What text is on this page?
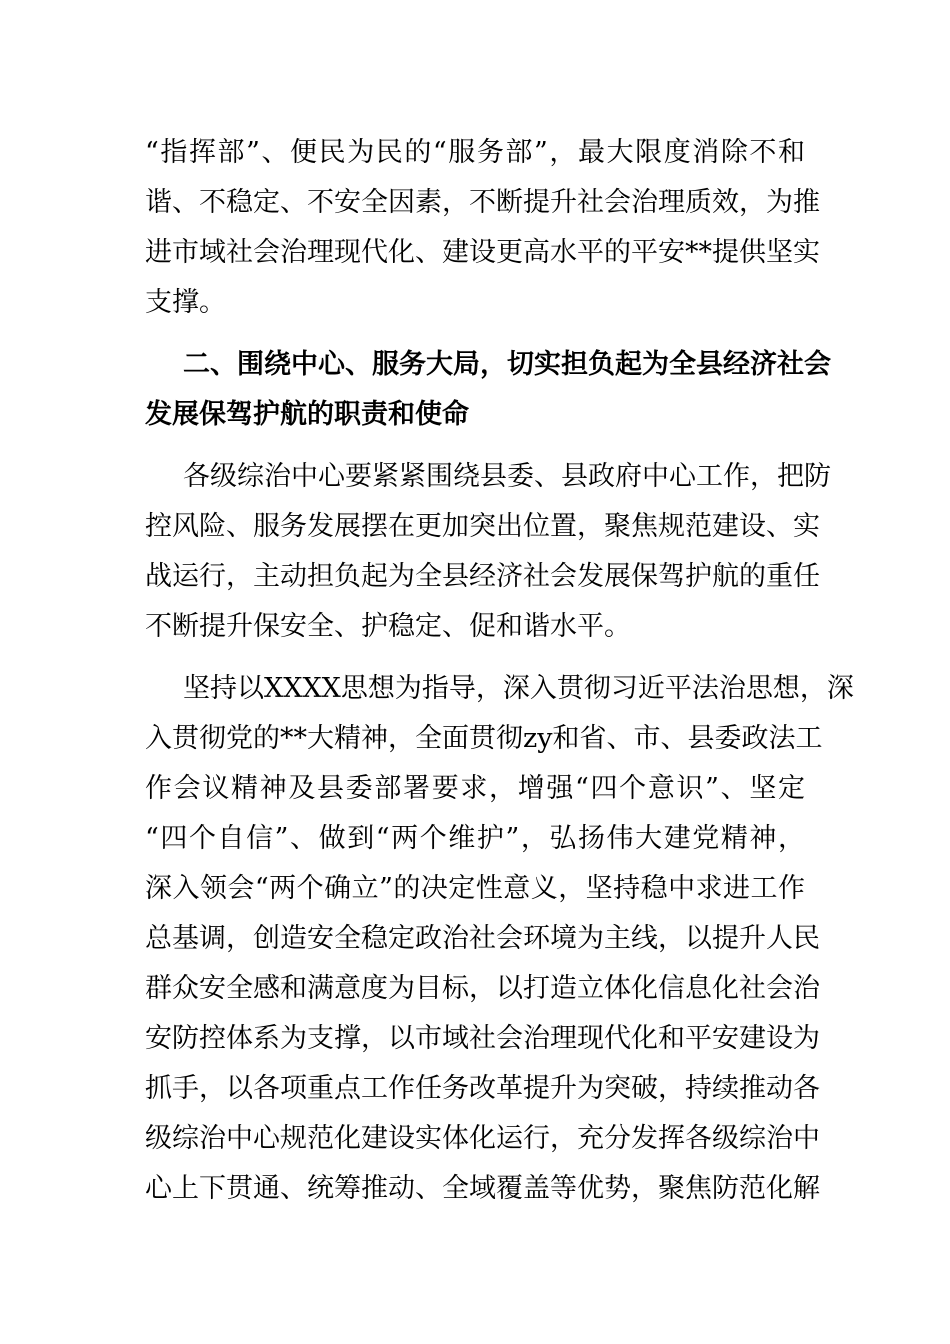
“指挥部”、便民为民的“服务部”，最大限度消除不和
谐、不稳定、不安全因素，不断提升社会治理质效，为推
进市域社会治理现代化、建设更高水平的平安**提供坚实
支撑。
二、围绕中心、服务大局，切实担负起为全县经济社会
发展保驾护航的职责和使命
各级综治中心要紧紧围绕县委、县政府中心工作，把防
控风险、服务发展摆在更加突出位置，聚焦规范建设、实
战运行，主动担负起为全县经济社会发展保驾护航的重任
不断提升保安全、护稳定、促和谐水平。
坚持以XXXX思想为指导，深入贯彻习近平法治思想，深
入贯彻党的**大精神，全面贯彻zy和省、市、县委政法工
作会议精神及县委部署要求，增强“四个意识”、坚定
“四个自信”、做到“两个维护”，弘扬伟大建党精神，
深入领会“两个确立”的决定性意义，坚持稳中求进工作
总基调，创造安全稳定政治社会环境为主线，以提升人民
群众安全感和满意度为目标，以打造立体化信息化社会治
安防控体系为支撑，以市域社会治理现代化和平安建设为
抓手，以各项重点工作任务改革提升为突破，持续推动各
级综治中心规范化建设实体化运行，充分发挥各级综治中
心上下贯通、统筹推动、全域覆盖等优势，聚焦防范化解
